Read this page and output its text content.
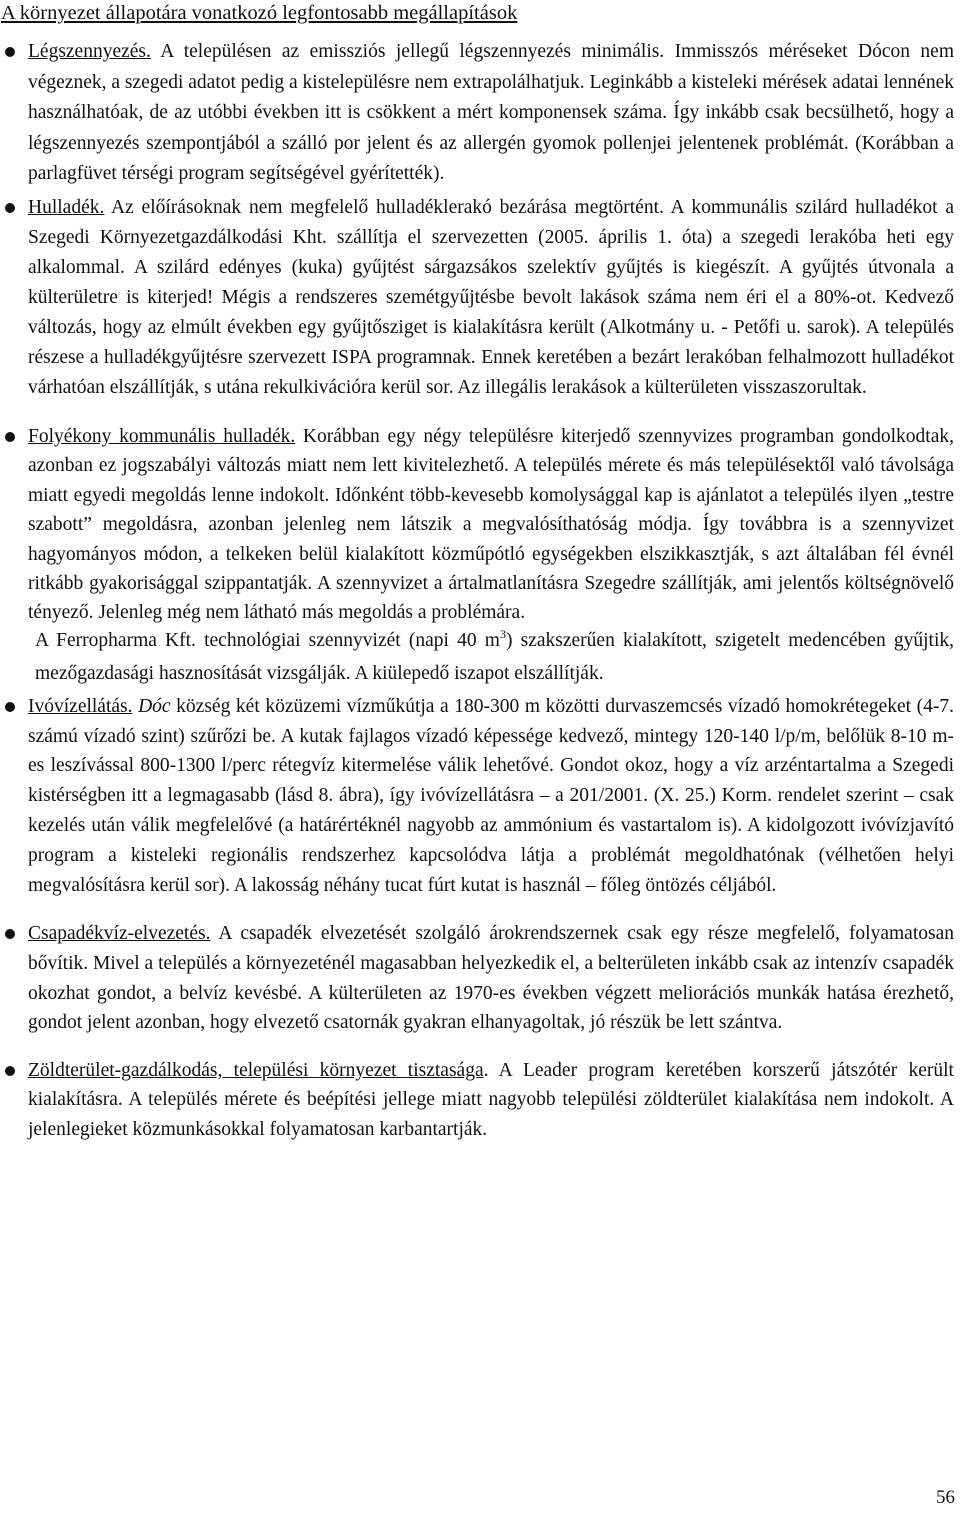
A környezet állapotára vonatkozó legfontosabb megállapítások

Légszennyezés. A településen az emissziós jellegű légszennyezés minimális. Immisszós méréseket Dócon nem végeznek, a szegedi adatot pedig a kistelepülésre nem extrapolálhatjuk. Leginkább a kisteleki mérések adatai lennének használhatóak, de az utóbbi években itt is csökkent a mért komponensek száma. Így inkább csak becsülhető, hogy a légszennyezés szempontjából a szálló por jelent és az allergén gyomok pollenjei jelentenek problémát. (Korábban a parlagfüvet térségi program segítségével gyérítették).

Hulladék. Az előírásoknak nem megfelelő hulladéklerakó bezárása megtörtént. A kommunális szilárd hulladékot a Szegedi Környezetgazdálkodási Kht. szállítja el szervezetten (2005. április 1. óta) a szegedi lerakóba heti egy alkalommal. A szilárd edényes (kuka) gyűjtést sárgazsákos szelektív gyűjtés is kiegészít. A gyűjtés útvonala a külterületre is kiterjed! Mégis a rendszeres szemétgyűjtésbe bevolt lakások száma nem éri el a 80%-ot. Kedvező változás, hogy az elmúlt években egy gyűjtősziget is kialakításra került (Alkotmány u. - Petőfi u. sarok). A település részese a hulladékgyűjtésre szervezett ISPA programnak. Ennek keretében a bezárt lerakóban felhalmozott hulladékot várhatóan elszállítják, s utána rekulkivációra kerül sor. Az illegális lerakások a külterületen visszaszorultak.

Folyékony kommunális hulladék. Korábban egy négy településre kiterjedő szennyvizes programban gondolkodtak, azonban ez jogszabályi változás miatt nem lett kivitelezhető. A település mérete és más településektől való távolsága miatt egyedi megoldás lenne indokolt. Időnként több-kevesebb komolysággal kap is ajánlatot a település ilyen „testre szabott” megoldásra, azonban jelenleg nem látszik a megvalósíthatóság módja. Így továbbra is a szennyvizet hagyományos módon, a telkeken belül kialakított közműpótló egységekben elszikkasztják, s azt általában fél évnél ritkább gyakorisággal szippantatják. A szennyvizet a ártalmatlanításra Szegedre szállítják, ami jelentős költségnövelő tényező. Jelenleg még nem látható más megoldás a problémára.

A Ferropharma Kft. technológiai szennyvizét (napi 40 $m^3$) szakszerűen kialakított, szigetelt medencében gyűjtik, mezőgazdasági hasznosítását vizsgálják. A kiülepedő iszapot elszállítják.

Ivóvízellátás. Dóc község két közüzemi vízműkútja a 180-300 m közötti durvaszemcsés vízadó homokrétegeket (4-7. számú vízadó szint) szűrőzi be. A kutak fajlagos vízadó képessége kedvező, mintegy 120-140 l/p/m, belőlük 8-10 m-es leszívással 800-1300 l/perc rétegvíz kitermelése válik lehetővé. Gondot okoz, hogy a víz arzéntartalma a Szegedi kistérségben itt a legmagasabb (lásd 8. ábra), így ivóvízellátásra – a 201/2001. (X. 25.) Korm. rendelet szerint – csak kezelés után válik megfelelővé (a határértéknél nagyobb az ammónium és vastartalom is). A kidolgozott ivóvízjavító program a kisteleki regionális rendszerhez kapcsolódva látja a problémát megoldhatónak (vélhetően helyi megvalósításra kerül sor). A lakosság néhány tucat fúrt kutat is használ – főleg öntözés céljából.

Csapadékvíz-elvezetés. A csapadék elvezetését szolgáló árokrendszernek csak egy része megfelelő, folyamatosan bővítik. Mivel a település a környezeténél magasabban helyezkedik el, a belterületen inkább csak az intenzív csapadék okozhat gondot, a belvíz kevésbé. A külterületen az 1970-es években végzett meliorációs munkák hatása érezhető, gondot jelent azonban, hogy elvezető csatornák gyakran elhanyagoltak, jó részük be lett szántva.

Zöldterület-gazdálkodás, települési környezet tisztasága. A Leader program keretében korszerű játszótér került kialakításra. A település mérete és beépítési jellege miatt nagyobb települési zöldterület kialakítása nem indokolt. A jelenlegieket közmunkásokkal folyamatosan karbantartják.

56
